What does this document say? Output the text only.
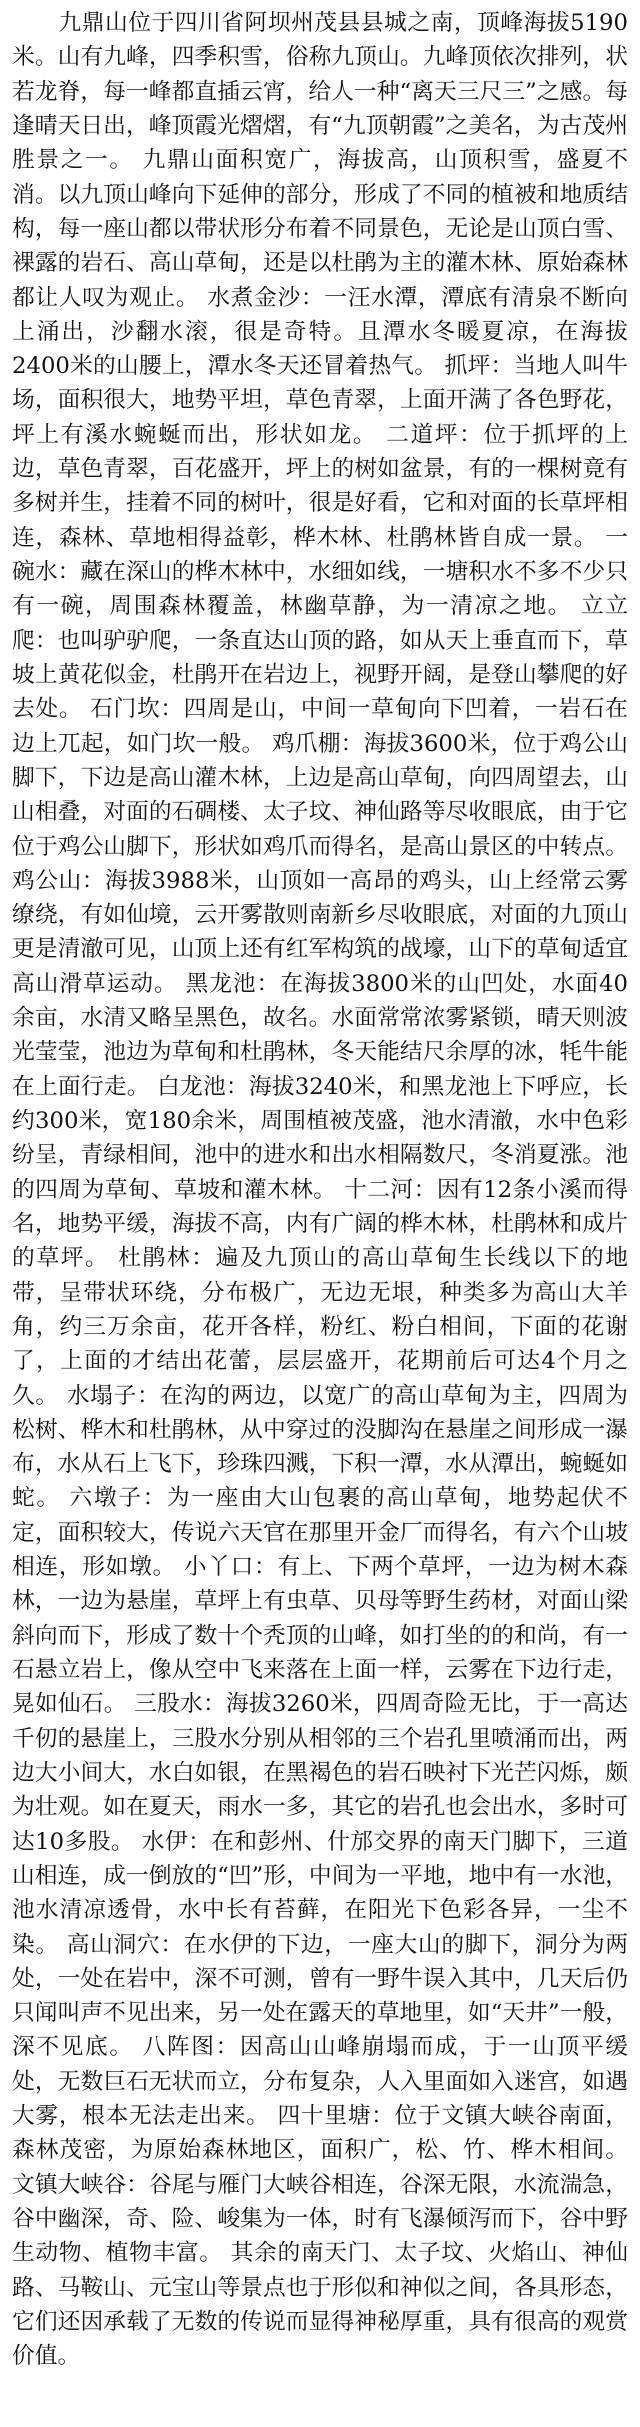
　　九鼎山位于四川省阿坝州茂县县城之南，顶峰海拔5190米。山有九峰，四季积雪，俗称九顶山。九峰顶依次排列，状若龙脊，每一峰都直插云宵，给人一种“离天三尺三”之感。每逢晴天日出，峰顶霞光熠熠，有“九顶朝霞”之美名，为古茂州胜景之一。 九鼎山面积宽广，海拔高，山顶积雪，盛夏不消。以九顶山峰向下延伸的部分，形成了不同的植被和地质结构，每一座山都以带状形分布着不同景色，无论是山顶白雪、裸露的岩石、高山草甸，还是以杜鹃为主的灌木林、原始森林都让人叹为观止。 水煮金沙：一汪水潭，潭底有清泉不断向上涌出，沙翻水滚，很是奇特。且潭水冬暖夏凉，在海拔2400米的山腰上，潭水冬天还冒着热气。 抓坪：当地人叫牛场，面积很大，地势平坦，草色青翠，上面开满了各色野花，坪上有溪水蜿蜒而出，形状如龙。 二道坪：位于抓坪的上边，草色青翠，百花盛开，坪上的树如盆景，有的一棵树竟有多树并生，挂着不同的树叶，很是好看，它和对面的长草坪相连，森林、草地相得益彰，桦木林、杜鹃林皆自成一景。 一碗水：藏在深山的桦木林中，水细如线，一塘积水不多不少只有一碗，周围森林覆盖，林幽草静，为一清凉之地。 立立爬：也叫驴驴爬，一条直达山顶的路，如从天上垂直而下，草坡上黄花似金，杜鹃开在岩边上，视野开阔，是登山攀爬的好去处。 石门坎：四周是山，中间一草甸向下凹着，一岩石在边上兀起，如门坎一般。 鸡爪棚：海拔3600米，位于鸡公山脚下，下边是高山灌木林，上边是高山草甸，向四周望去，山山相叠，对面的石碉楼、太子坟、神仙路等尽收眼底，由于它位于鸡公山脚下，形状如鸡爪而得名，是高山景区的中转点。 鸡公山：海拔3988米，山顶如一高昂的鸡头，山上经常云雾缭绕，有如仙境，云开雾散则南新乡尽收眼底，对面的九顶山更是清澈可见，山顶上还有红军构筑的战壕，山下的草甸适宜高山滑草运动。 黑龙池：在海拔3800米的山凹处，水面40余亩，水清又略呈黑色，故名。水面常常浓雾紧锁，晴天则波光莹莹，池边为草甸和杜鹃林，冬天能结尺余厚的冰，牦牛能在上面行走。 白龙池：海拔3240米，和黑龙池上下呼应，长约300米，宽180余米，周围植被茂盛，池水清澈，水中色彩纷呈，青绿相间，池中的进水和出水相隔数尺，冬消夏涨。池的四周为草甸、草坡和灌木林。 十二河：因有12条小溪而得名，地势平缓，海拔不高，内有广阔的桦木林，杜鹃林和成片的草坪。 杜鹃林：遍及九顶山的高山草甸生长线以下的地带，呈带状环绕，分布极广，无边无垠，种类多为高山大羊角，约三万余亩，花开各样，粉红、粉白相间，下面的花谢了，上面的才结出花蕾，层层盛开，花期前后可达4个月之久。 水塌子：在沟的两边，以宽广的高山草甸为主，四周为松树、桦木和杜鹃林，从中穿过的没脚沟在悬崖之间形成一瀑布，水从石上飞下，珍珠四溅，下积一潭，水从潭出，蜿蜒如蛇。 六墩子：为一座由大山包裹的高山草甸，地势起伏不定，面积较大，传说六天官在那里开金厂而得名，有六个山坡相连，形如墩。 小丫口：有上、下两个草坪，一边为树木森林，一边为悬崖，草坪上有虫草、贝母等野生药材，对面山梁斜向而下，形成了数十个秃顶的山峰，如打坐的的和尚，有一石悬立岩上，像从空中飞来落在上面一样，云雾在下边行走，晃如仙石。 三股水：海拔3260米，四周奇险无比，于一高达千仞的悬崖上，三股水分别从相邻的三个岩孔里喷涌而出，两边大小间大，水白如银，在黑褐色的岩石映衬下光芒闪烁，颇为壮观。如在夏天，雨水一多，其它的岩孔也会出水，多时可达10多股。 水伊：在和彭州、什邡交界的南天门脚下，三道山相连，成一倒放的“凹”形，中间为一平地，地中有一水池，池水清凉透骨，水中长有苔藓，在阳光下色彩各异，一尘不染。 高山洞穴：在水伊的下边，一座大山的脚下，洞分为两处，一处在岩中，深不可测，曾有一野牛误入其中，几天后仍只闻叫声不见出来，另一处在露天的草地里，如“天井”一般，深不见底。 八阵图：因高山山峰崩塌而成，于一山顶平缓处，无数巨石无状而立，分布复杂，人入里面如入迷宫，如遇大雾，根本无法走出来。 四十里塘：位于文镇大峡谷南面，森林茂密，为原始森林地区，面积广，松、竹、桦木相间。 文镇大峡谷：谷尾与雁门大峡谷相连，谷深无限，水流湍急，谷中幽深，奇、险、峻集为一体，时有飞瀑倾泻而下，谷中野生动物、植物丰富。 其余的南天门、太子坟、火焰山、神仙路、马鞍山、元宝山等景点也于形似和神似之间，各具形态，它们还因承载了无数的传说而显得神秘厚重，具有很高的观赏价值。
